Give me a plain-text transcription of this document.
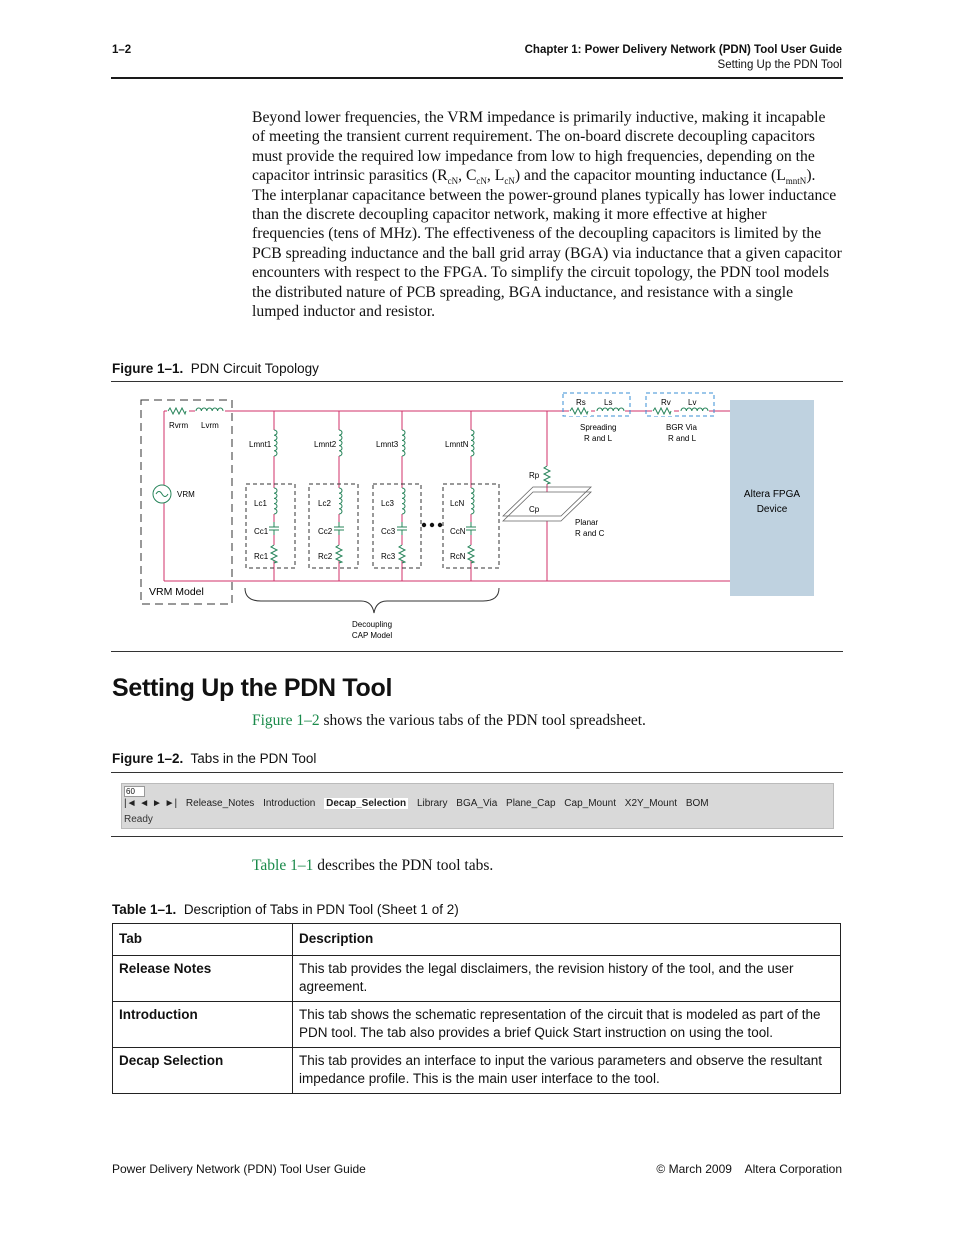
1–2	Chapter 1: Power Delivery Network (PDN) Tool User Guide
Setting Up the PDN Tool

Beyond lower frequencies, the VRM impedance is primarily inductive, making it incapable of meeting the transient current requirement. The on-board discrete decoupling capacitors must provide the required low impedance from low to high frequencies, depending on the capacitor intrinsic parasitics ($R_{cN}$, $C_{cN}$, $L_{cN}$) and the capacitor mounting inductance $(L_{mntN})$. The interplanar capacitance between the power-ground planes typically has lower inductance than the discrete decoupling capacitor network, making it more effective at higher frequencies (tens of MHz). The effectiveness of the decoupling capacitors is limited by the PCB spreading inductance and the ball grid array (BGA) via inductance that a given capacitor encounters with respect to the FPGA. To simplify the circuit topology, the PDN tool models the distributed nature of PCB spreading, BGA inductance, and resistance with a single lumped inductor and resistor.

Figure 1–1. PDN Circuit Topology
Rvrm Lvrm
VRM
VRM Model
Lmnt1
Lc1
Cc1
Rc1
Lmnt2
Lc2
Cc2
Rc2
Lmnt3
Lc3
Cc3
Rc3
LmntN
LcN
CcN
RcN
Rp
Cp
Planar
R and C
Rs Ls
Spreading
R and L
Rv Lv
BGR Via
R and L
Altera FPGA
Device
Decoupling
CAP Model
Setting Up the PDN Tool
Figure 1–2 shows the various tabs of the PDN tool spreadsheet.
Figure 1–2. Tabs in the PDN Tool
60
|◄ ◄ ► ►| Release_Notes Introduction Decap_Selection Library BGA_Via Plane_Cap Cap_Mount X2Y_Mount BOM
Ready
Table 1–1 describes the PDN tool tabs.
Table 1–1. Description of Tabs in PDN Tool (Sheet 1 of 2)
Tab	Description
Release Notes	This tab provides the legal disclaimers, the revision history of the tool, and the user agreement.
Introduction	This tab shows the schematic representation of the circuit that is modeled as part of the PDN tool. The tab also provides a brief Quick Start instruction on using the tool.
Decap Selection	This tab provides an interface to input the various parameters and observe the resultant impedance profile. This is the main user interface to the tool.
Power Delivery Network (PDN) Tool User Guide	© March 2009    Altera Corporation
